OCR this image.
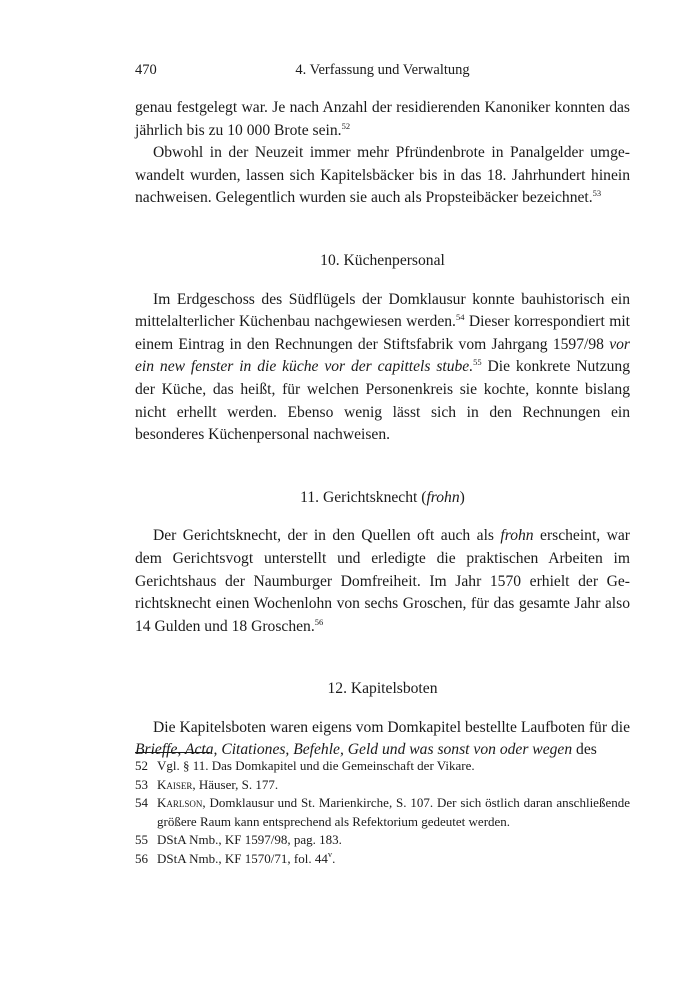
470	4. Verfassung und Verwaltung

genau festgelegt war. Je nach Anzahl der residierenden Kanoniker konnten das jährlich bis zu 10 000 Brote sein.$^{52}$

Obwohl in der Neuzeit immer mehr Pfründenbrote in Panalgelder umgewandelt wurden, lassen sich Kapitelsbäcker bis in das 18. Jahrhundert hinein nachweisen. Gelegentlich wurden sie auch als Propsteibäcker bezeichnet.$^{53}$

10. Küchenpersonal

Im Erdgeschoss des Südflügels der Domklausur konnte bauhistorisch ein mittelalterlicher Küchenbau nachgewiesen werden.$^{54}$ Dieser korrespondiert mit einem Eintrag in den Rechnungen der Stiftsfabrik vom Jahrgang 1597/98 vor ein new fenster in die küche vor der capittels stube.$^{55}$ Die konkrete Nutzung der Küche, das heißt, für welchen Personenkreis sie kochte, konnte bislang nicht erhellt werden. Ebenso wenig lässt sich in den Rechnungen ein besonderes Küchenpersonal nachweisen.

11. Gerichtsknecht (frohn)

Der Gerichtsknecht, der in den Quellen oft auch als frohn erscheint, war dem Gerichtsvogt unterstellt und erledigte die praktischen Arbeiten im Gerichtshaus der Naumburger Domfreiheit. Im Jahr 1570 erhielt der Gerichtsknecht einen Wochenlohn von sechs Groschen, für das gesamte Jahr also 14 Gulden und 18 Groschen.$^{56}$

12. Kapitelsboten

Die Kapitelsboten waren eigens vom Domkapitel bestellte Laufboten für die Brieffe, Acta, Citationes, Befehle, Geld und was sonst von oder wegen des

52 Vgl. § 11. Das Domkapitel und die Gemeinschaft der Vikare.
53 Kaiser, Häuser, S. 177.
54 Karlson, Domklausur und St. Marienkirche, S. 107. Der sich östlich daran anschließende größere Raum kann entsprechend als Refektorium gedeutet werden.
55 DStA Nmb., KF 1597/98, pag. 183.
56 DStA Nmb., KF 1570/71, fol. 44$^v$.
